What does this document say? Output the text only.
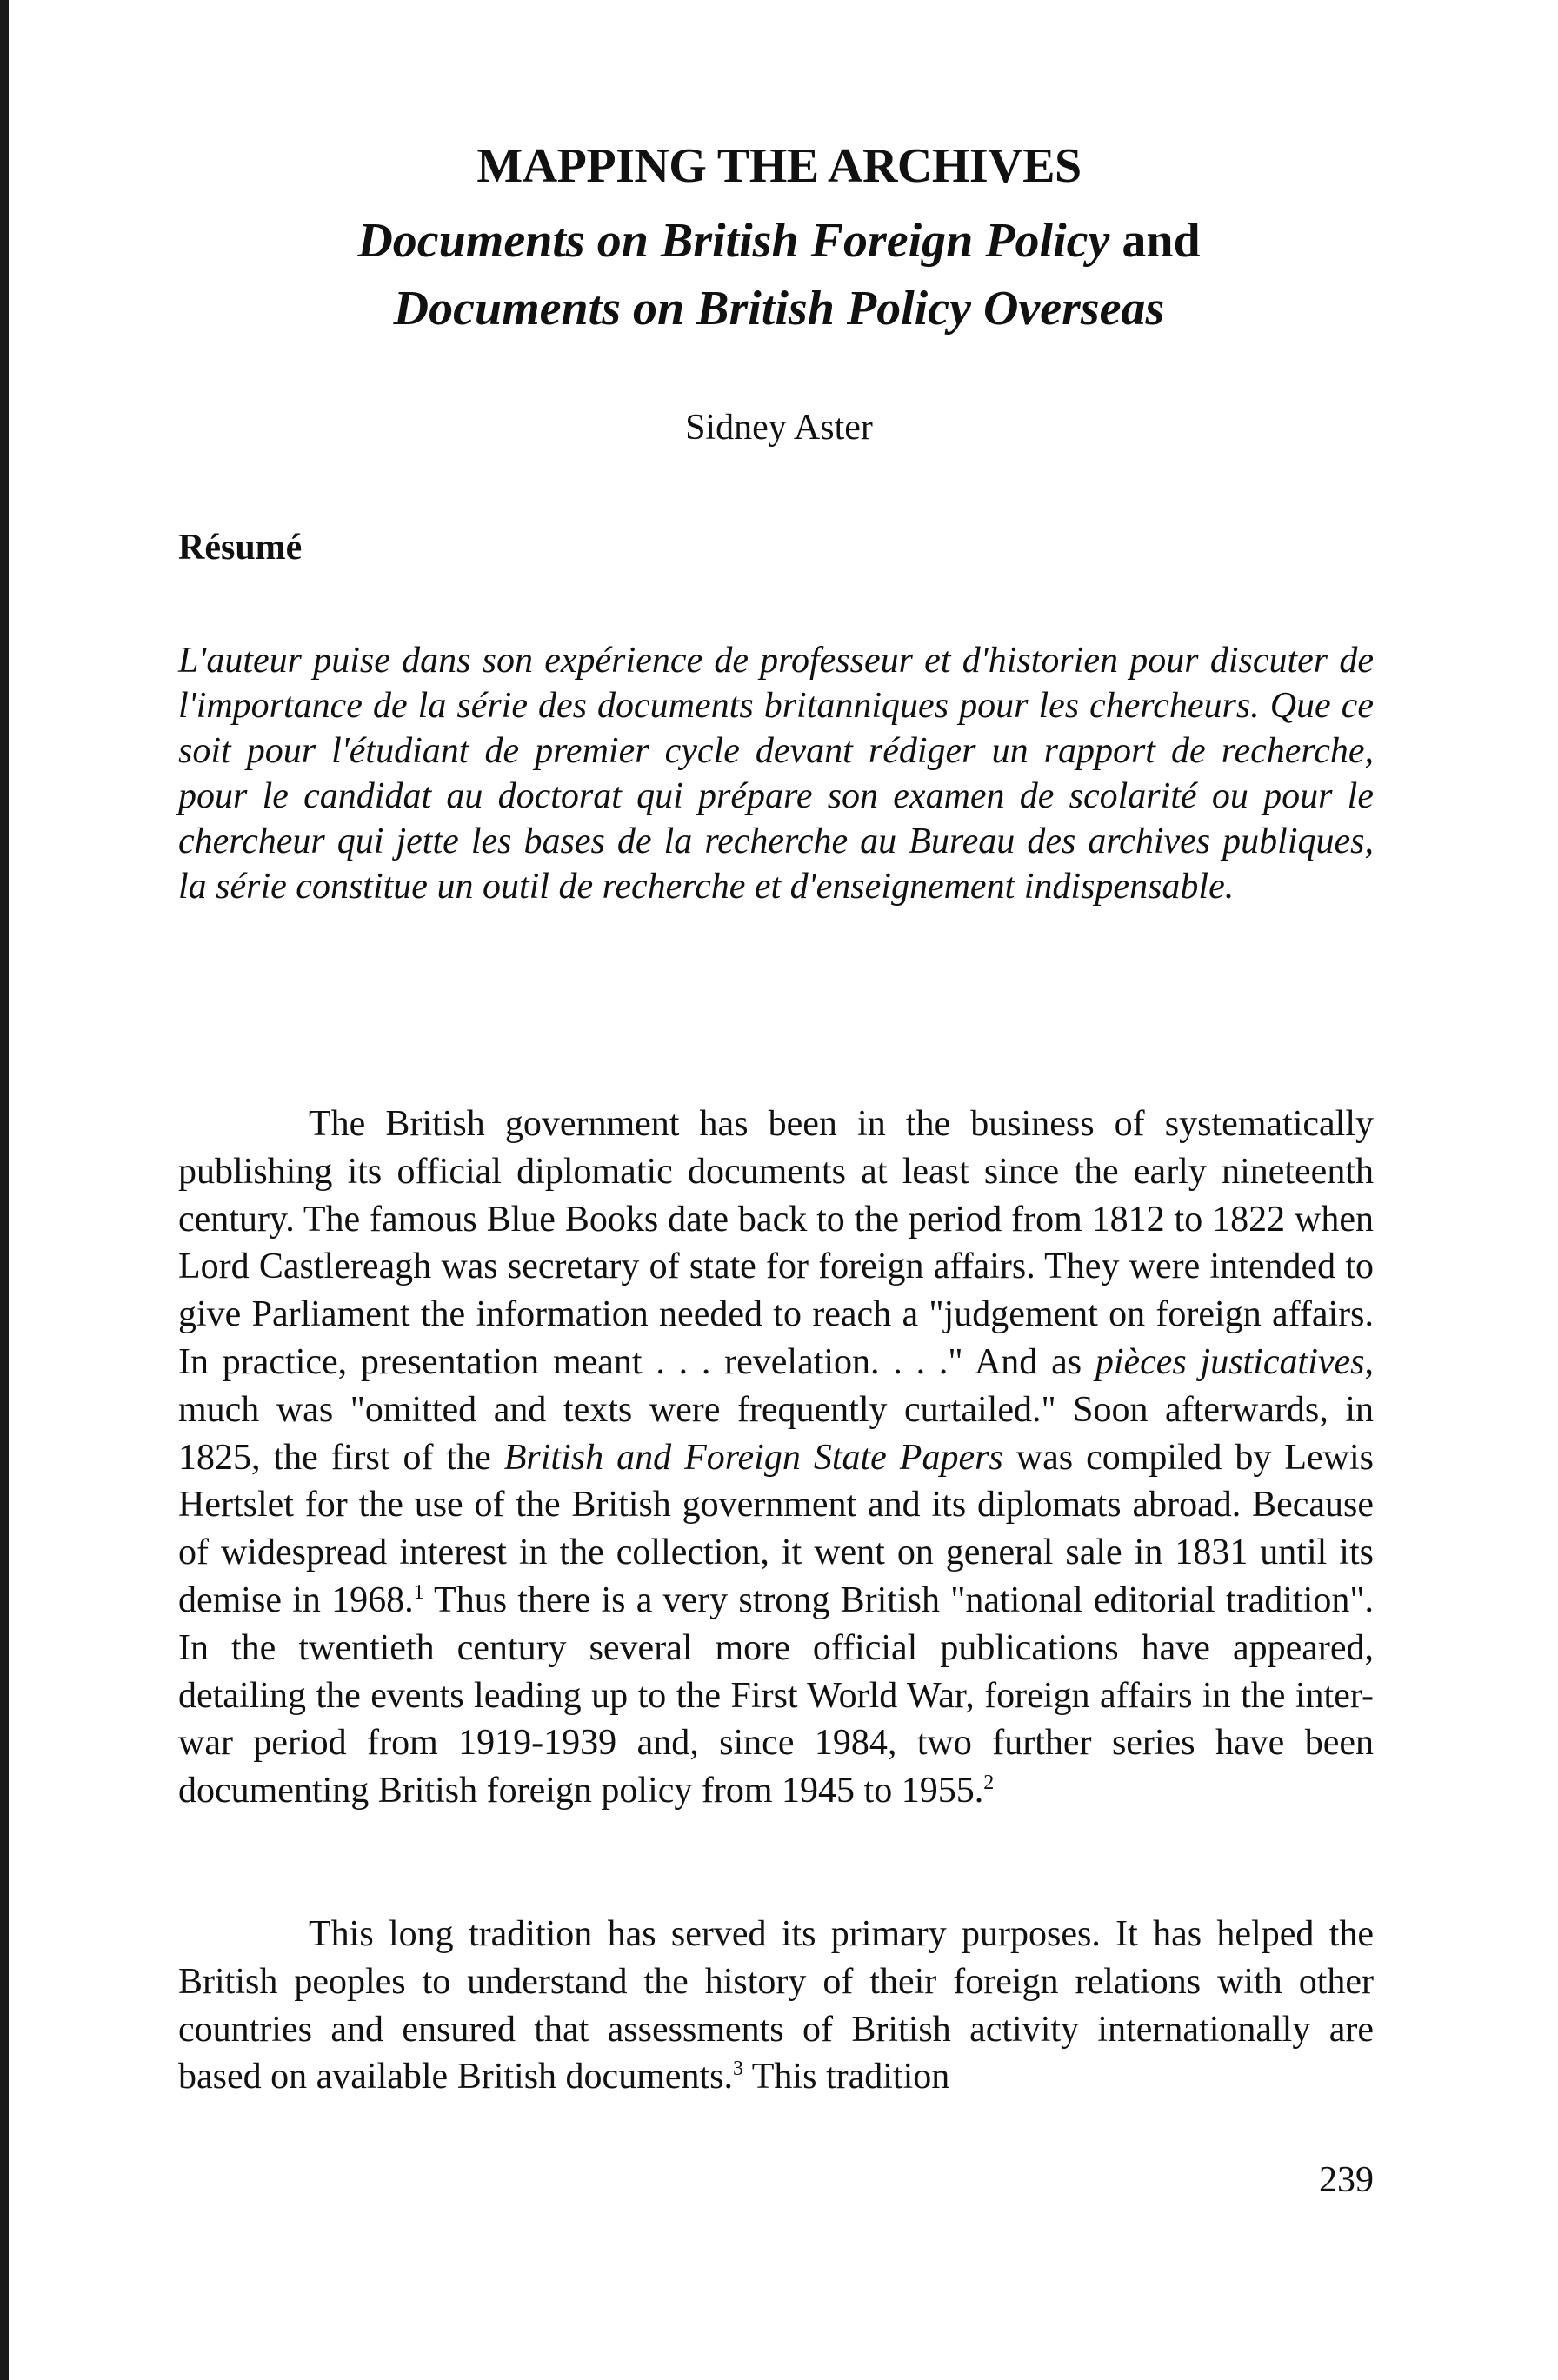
MAPPING THE ARCHIVES
Documents on British Foreign Policy and
Documents on British Policy Overseas
Sidney Aster
Résumé

L'auteur puise dans son expérience de professeur et d'historien pour discuter de l'importance de la série des documents britanniques pour les chercheurs. Que ce soit pour l'étudiant de premier cycle devant rédiger un rapport de recherche, pour le candidat au doctorat qui prépare son examen de scolarité ou pour le chercheur qui jette les bases de la recherche au Bureau des archives publiques, la série constitue un outil de recherche et d'enseignement indispensable.

The British government has been in the business of systematically publishing its official diplomatic documents at least since the early nineteenth century. The famous Blue Books date back to the period from 1812 to 1822 when Lord Castlereagh was secretary of state for foreign affairs. They were intended to give Parliament the information needed to reach a "judgement on foreign affairs. In practice, presentation meant . . . revelation. . . ." And as pièces justicatives, much was "omitted and texts were frequently curtailed." Soon afterwards, in 1825, the first of the British and Foreign State Papers was compiled by Lewis Hertslet for the use of the British government and its diplomats abroad. Because of widespread interest in the collection, it went on general sale in 1831 until its demise in 1968.$^1$ Thus there is a very strong British "national editorial tradition". In the twentieth century several more official publications have appeared, detailing the events leading up to the First World War, foreign affairs in the inter-war period from 1919-1939 and, since 1984, two further series have been documenting British foreign policy from 1945 to 1955.$^2$

This long tradition has served its primary purposes. It has helped the British peoples to understand the history of their foreign relations with other countries and ensured that assessments of British activity internationally are based on available British documents.$^3$ This tradition

239
